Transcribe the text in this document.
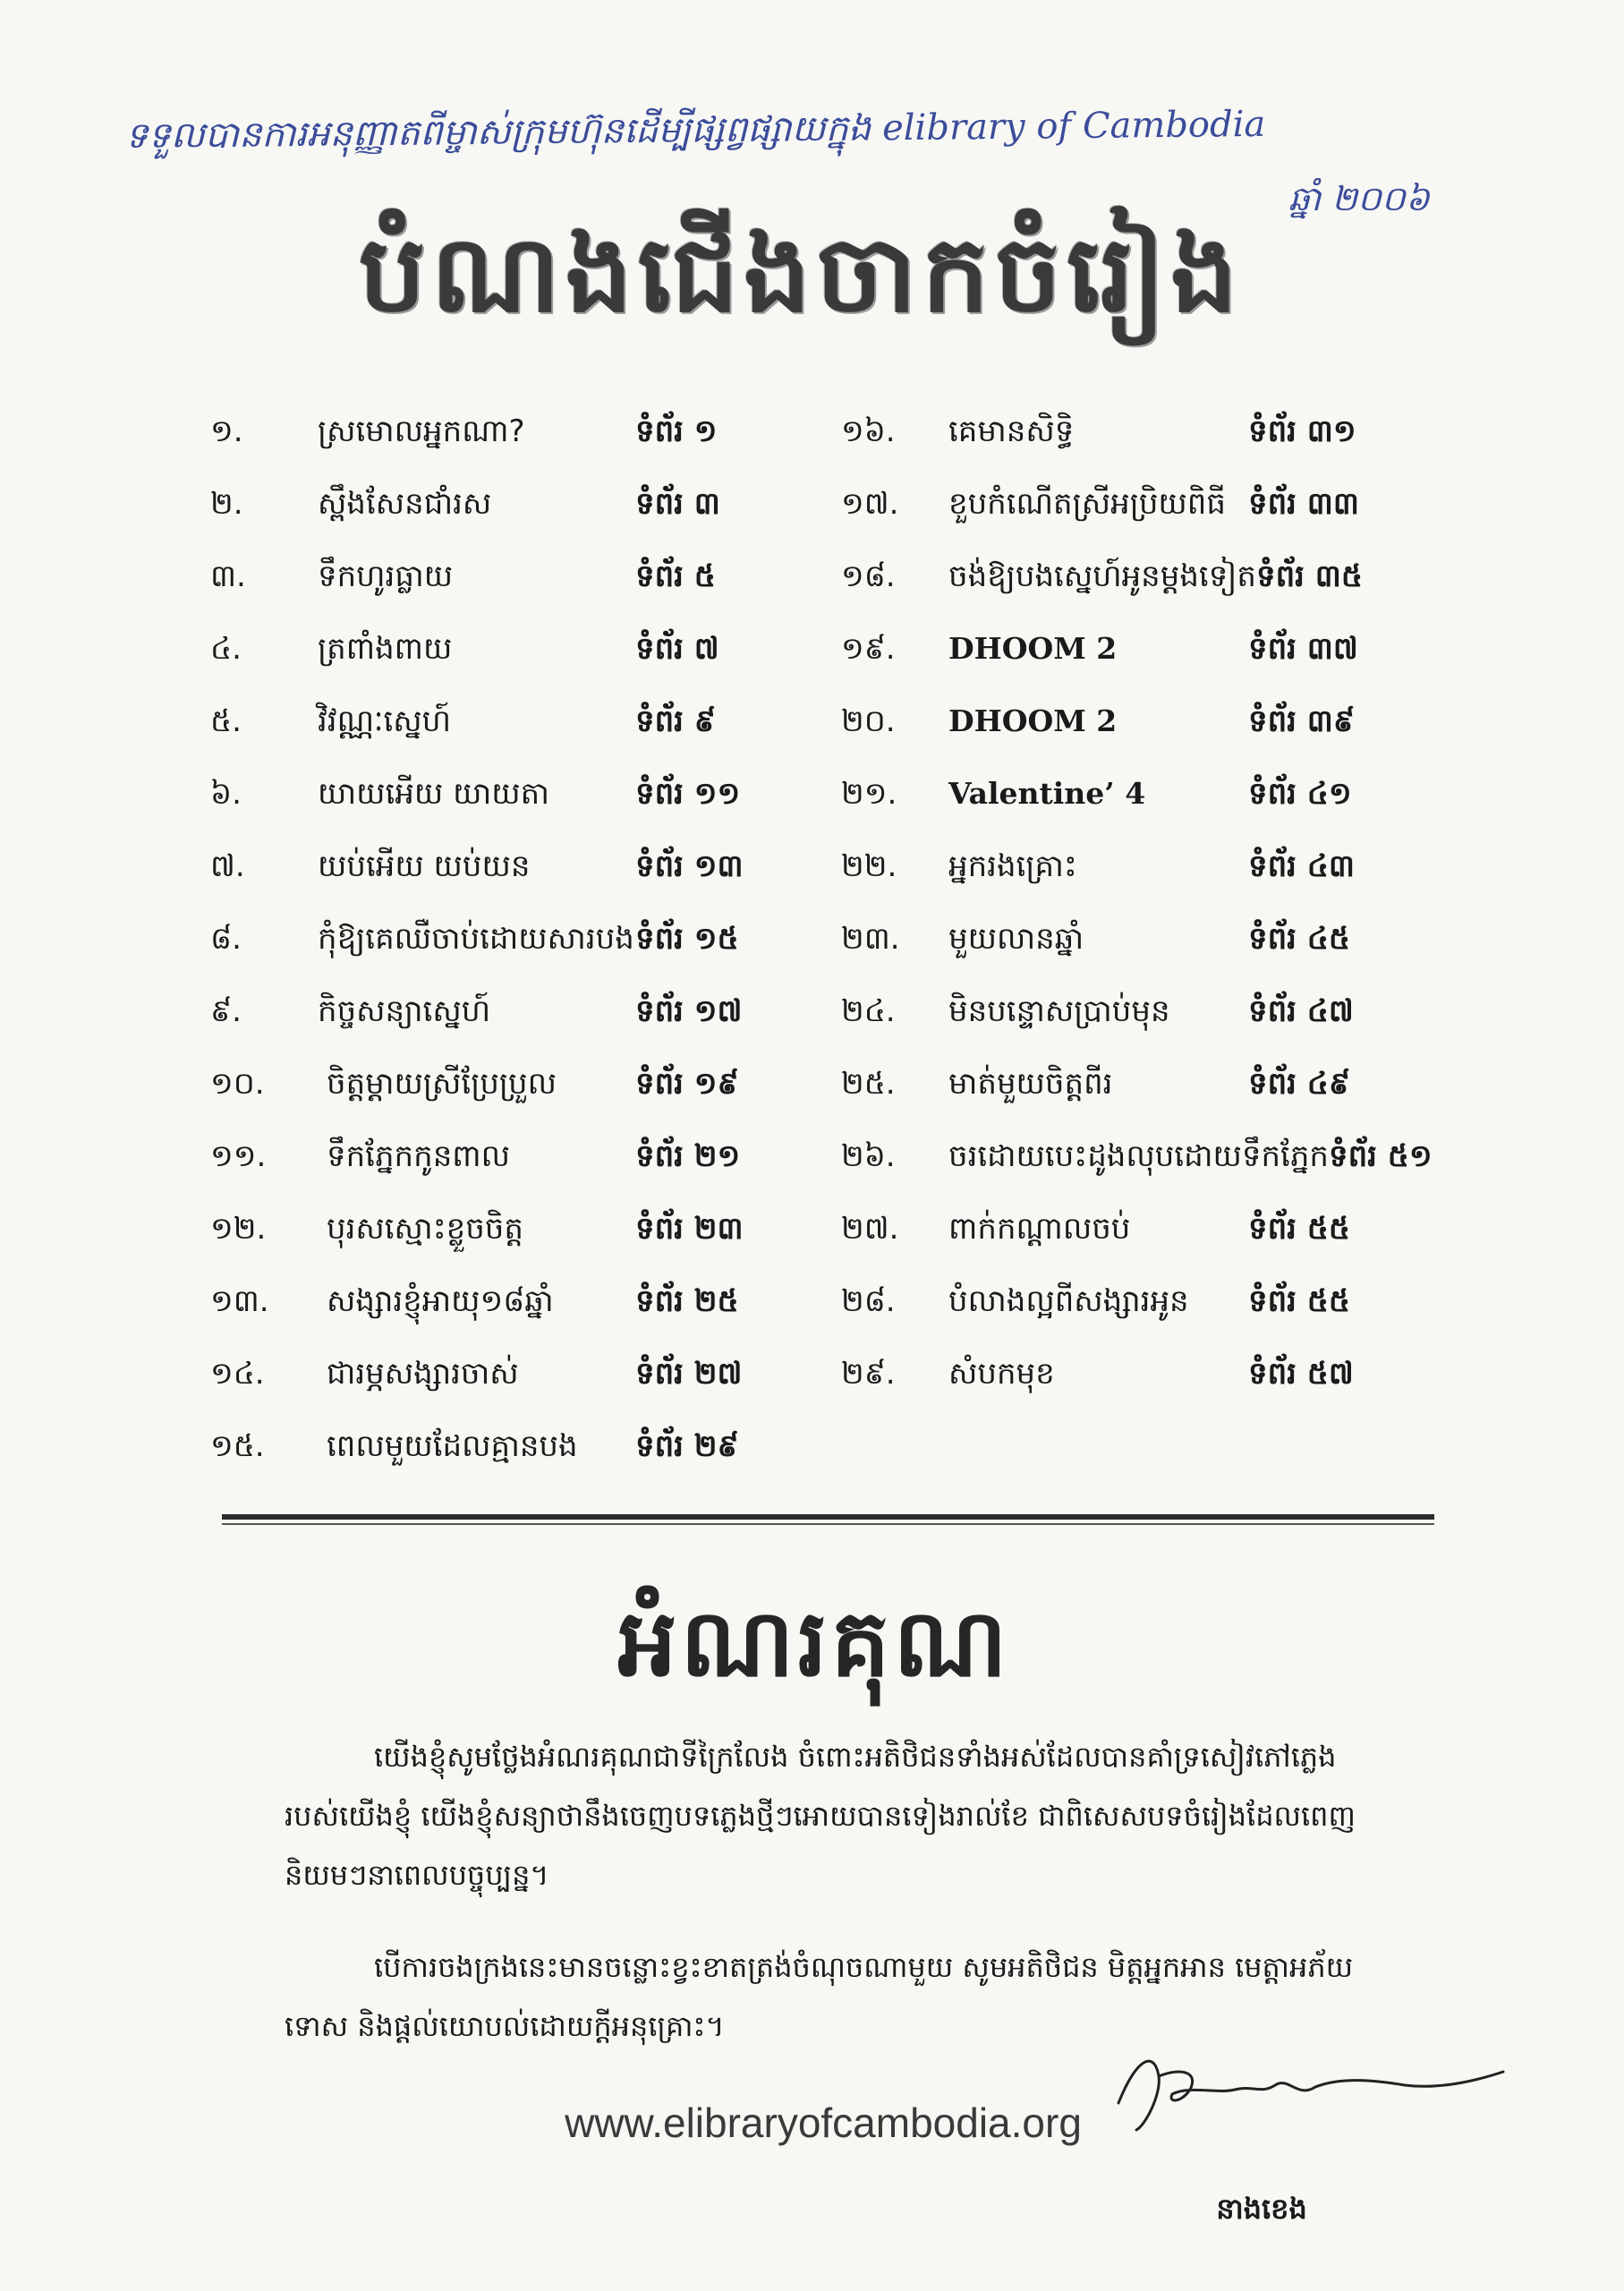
ទទួលបានការអនុញ្ញាតពីម្ចាស់ក្រុមហ៊ុនដើម្បីផ្សព្វផ្សាយក្នុង elibrary of Cambodia
ឆ្នាំ ២០០៦
បំណងជើងចាកចំរៀង
១.	ស្រមោលអ្នកណា?	ទំព័រ ១
២.	ស្ពឹងសែនជាំរស	ទំព័រ ៣
៣.	ទឹកហូរធ្លាយ	ទំព័រ ៥
៤.	ត្រពាំងពាយ	ទំព័រ ៧
៥.	វិវណ្ណៈស្នេហ៍	ទំព័រ ៩
៦.	យាយអើយ យាយតា	ទំព័រ ១១
៧.	យប់អើយ យប់យន	ទំព័រ ១៣
៨.	កុំឱ្យគេឈឺចាប់ដោយសារបង ទំព័រ ១៥
៩.	កិច្ចសន្យាស្នេហ៍	ទំព័រ ១៧
១០.	ចិត្តម្តាយស្រីប្រែប្រួល	ទំព័រ ១៩
១១.	ទឹកភ្នែកកូនពាល	ទំព័រ ២១
១២.	បុរសស្មោះខ្លួចចិត្ត	ទំព័រ ២៣
១៣.	សង្សារខ្ញុំអាយុ១៨ឆ្នាំ	ទំព័រ ២៥
១៤.	ជារម្ភសង្សារចាស់	ទំព័រ ២៧
១៥.	ពេលមួយដែលគ្មានបង	ទំព័រ ២៩
១៦.	គេមានសិទ្ធិ	ទំព័រ ៣១
១៧.	ខួបកំណើតស្រីអប្រិយពិធី ទំព័រ ៣៣
១៨.	ចង់ឱ្យបងស្នេហ៍អូនម្តងទៀត ទំព័រ ៣៥
១៩.	DHOOM 2	ទំព័រ ៣៧
២០.	DHOOM 2	ទំព័រ ៣៩
២១.	Valentine’ 4	ទំព័រ ៤១
២២.	អ្នករងគ្រោះ	ទំព័រ ៤៣
២៣.	មួយលានឆ្នាំ	ទំព័រ ៤៥
២៤.	មិនបន្ទោសប្រាប់មុន	ទំព័រ ៤៧
២៥.	មាត់មួយចិត្តពីរ	ទំព័រ ៤៩
២៦.	ចរដោយបេះដូងលុបដោយទឹកភ្នែក ទំព័រ ៥១
២៧.	ពាក់កណ្តាលចប់	ទំព័រ ៥៥
២៨.	បំលាងល្អពីសង្សារអូន	ទំព័រ ៥៥
២៩.	សំបកមុខ	ទំព័រ ៥៧
អំណរគុណ
យើងខ្ញុំសូមថ្លែងអំណរគុណជាទីក្រៃលែង ចំពោះអតិថិជនទាំងអស់ដែលបានគាំទ្រសៀវភៅភ្លេងរបស់យើងខ្ញុំ យើងខ្ញុំសន្យាថានឹងចេញបទភ្លេងថ្មីៗអោយបានទៀងរាល់ខែ ជាពិសេសបទចំរៀងដែលពេញនិយមៗនាពេលបច្ចុប្បន្ន។
បើការចងក្រងនេះមានចន្លោះខ្វះខាតត្រង់ចំណុចណាមួយ សូមអតិថិជន មិត្តអ្នកអាន មេត្តាអភ័យទោស និងផ្តល់យោបល់ដោយក្តីអនុគ្រោះ។
www.elibraryofcambodia.org
នាងខេង
